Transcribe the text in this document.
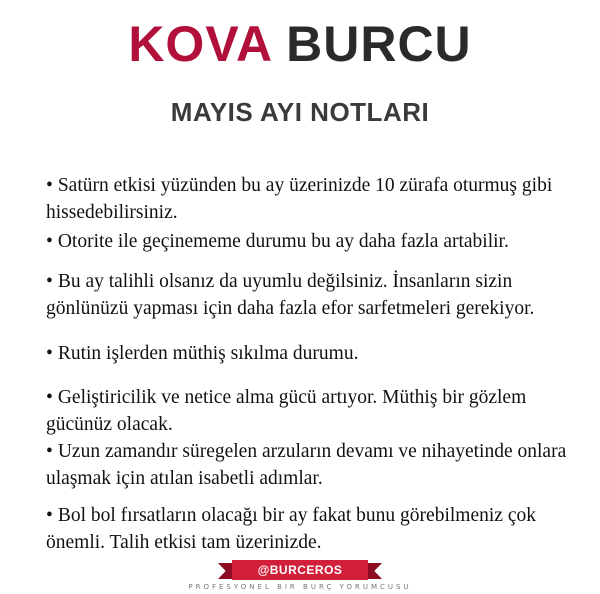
KOVA BURCU
MAYIS AYI NOTLARI
• Satürn etkisi yüzünden bu ay üzerinizde 10 zürafa oturmuş gibi hissedebilirsiniz.
• Otorite ile geçinememe durumu bu ay daha fazla artabilir.
• Bu ay talihli olsanız da uyumlu değilsiniz. İnsanların sizin gönlünüzü yapması için daha fazla efor sarfetmeleri gerekiyor.
• Rutin işlerden müthiş sıkılma durumu.
• Geliştiricilik ve netice alma gücü artıyor. Müthiş bir gözlem gücünüz olacak.
• Uzun zamandır süregelen arzuların devamı ve nihayetinde onlara ulaşmak için atılan isabetli adımlar.
• Bol bol fırsatların olacağı bir ay fakat bunu görebilmeniz çok önemli. Talih etkisi tam üzerinizde.
@BURCEROS
PROFESYONEL BIR BURÇ YORUMCUSU
